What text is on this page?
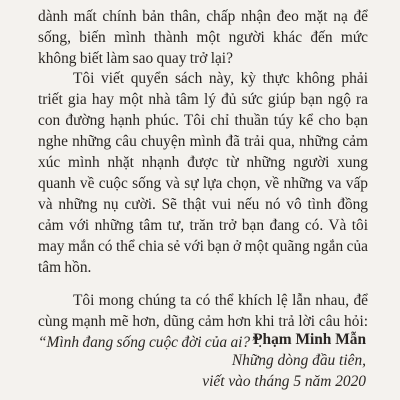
dành mất chính bản thân, chấp nhận đeo mặt nạ để sống, biến mình thành một người khác đến mức không biết làm sao quay trở lại?

Tôi viết quyển sách này, kỳ thực không phải triết gia hay một nhà tâm lý đủ sức giúp bạn ngộ ra con đường hạnh phúc. Tôi chỉ thuần túy kể cho bạn nghe những câu chuyện mình đã trải qua, những cảm xúc mình nhặt nhạnh được từ những người xung quanh về cuộc sống và sự lựa chọn, về những va vấp và những nụ cười. Sẽ thật vui nếu nó vô tình đồng cảm với những tâm tư, trăn trở bạn đang có. Và tôi may mắn có thể chia sẻ với bạn ở một quãng ngắn của tâm hồn.

Tôi mong chúng ta có thể khích lệ lẫn nhau, để cùng mạnh mẽ hơn, dũng cảm hơn khi trả lời câu hỏi: “Mình đang sống cuộc đời của ai?”.

Phạm Minh Mẫn
Những dòng đầu tiên,
viết vào tháng 5 năm 2020
